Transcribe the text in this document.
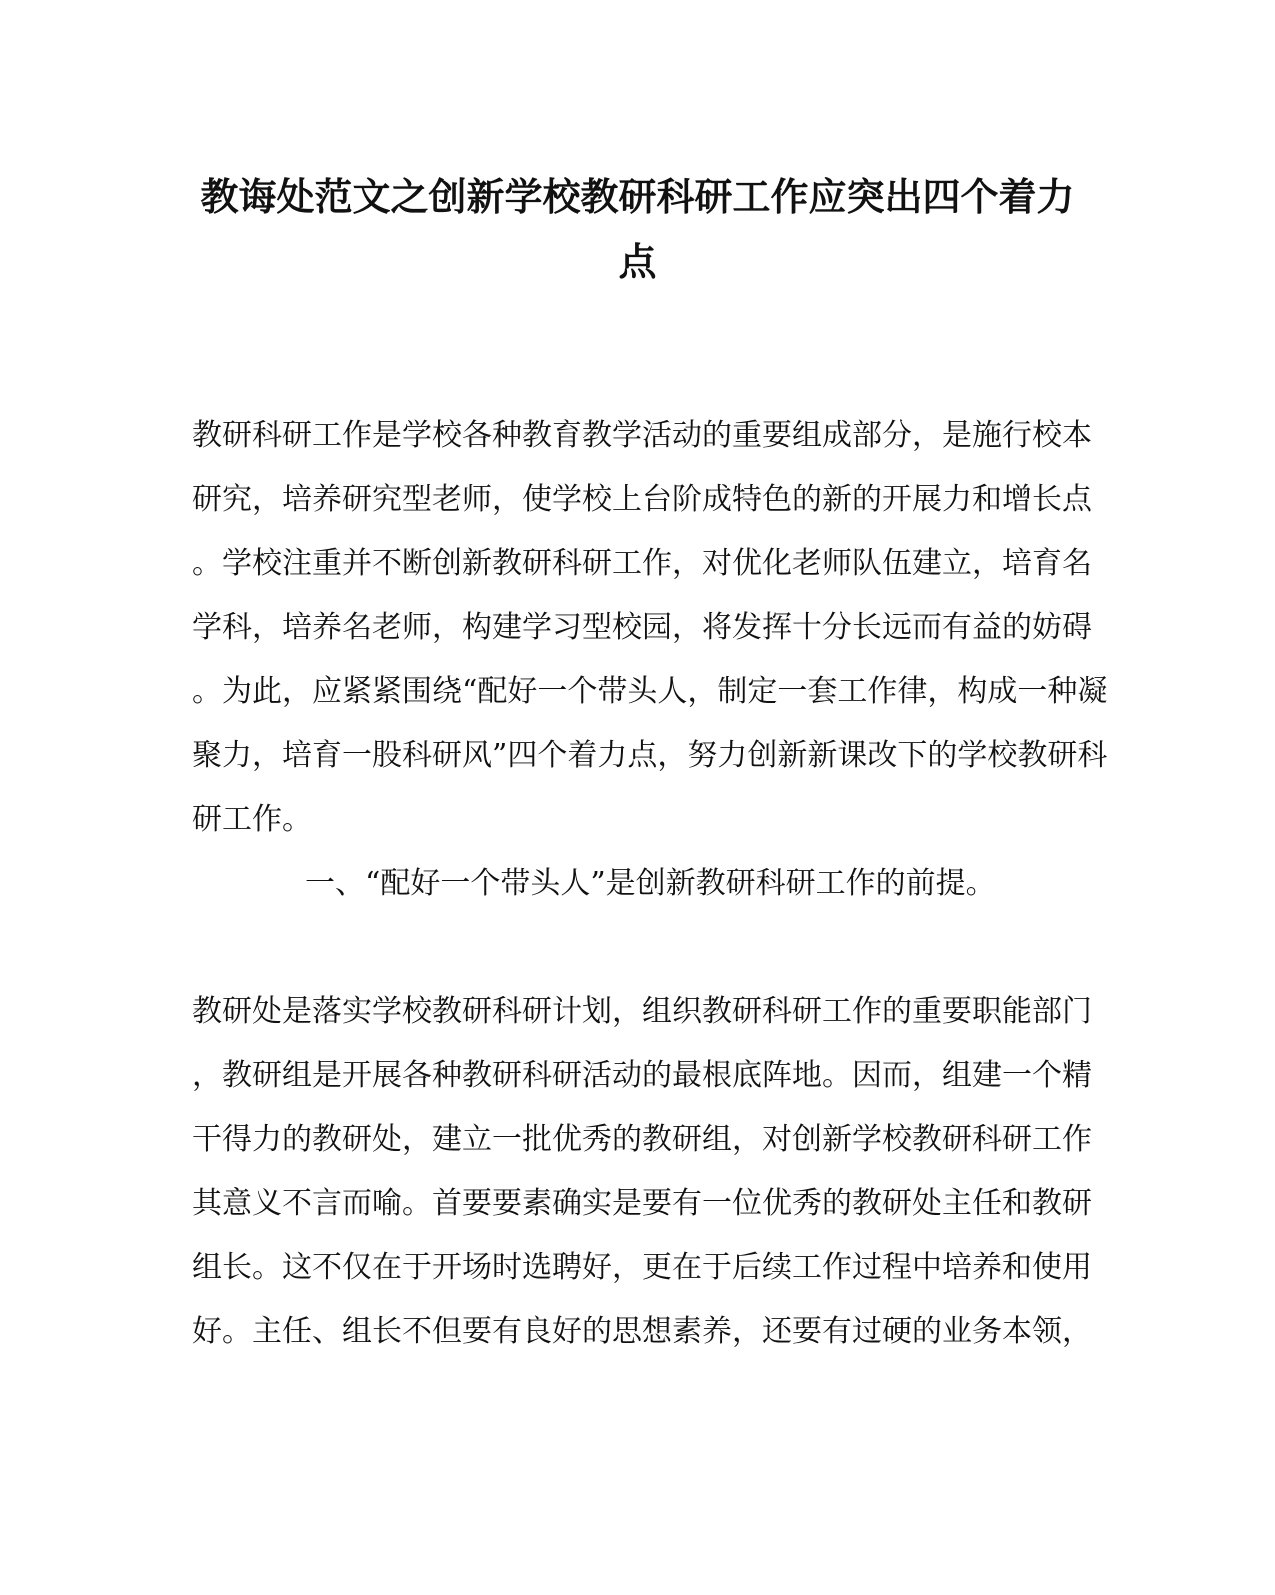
教诲处范文之创新学校教研科研工作应突出四个着力
点
教研科研工作是学校各种教育教学活动的重要组成部分，是施行校本
研究，培养研究型老师，使学校上台阶成特色的新的开展力和增长点
。学校注重并不断创新教研科研工作，对优化老师队伍建立，培育名
学科，培养名老师，构建学习型校园，将发挥十分长远而有益的妨碍
。为此，应紧紧围绕“配好一个带头人，制定一套工作律，构成一种凝
聚力，培育一股科研风”四个着力点，努力创新新课改下的学校教研科
研工作。
一、“配好一个带头人”是创新教研科研工作的前提。
教研处是落实学校教研科研计划，组织教研科研工作的重要职能部门
，教研组是开展各种教研科研活动的最根底阵地。因而，组建一个精
干得力的教研处，建立一批优秀的教研组，对创新学校教研科研工作
其意义不言而喻。首要要素确实是要有一位优秀的教研处主任和教研
组长。这不仅在于开场时选聘好，更在于后续工作过程中培养和使用
好。主任、组长不但要有良好的思想素养，还要有过硬的业务本领，
